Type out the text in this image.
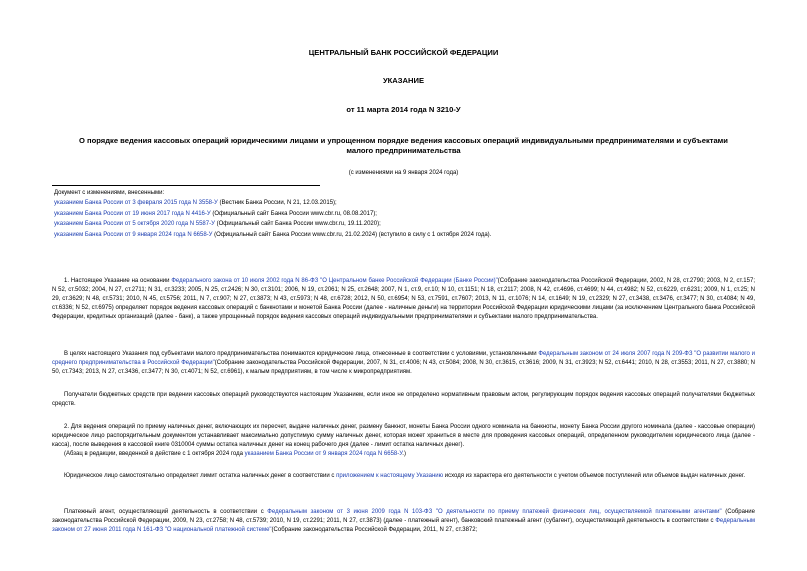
ЦЕНТРАЛЬНЫЙ БАНК РОССИЙСКОЙ ФЕДЕРАЦИИ
УКАЗАНИЕ
от 11 марта 2014 года N 3210-У
О порядке ведения кассовых операций юридическими лицами и упрощенном порядке ведения кассовых операций индивидуальными предпринимателями и субъектами малого предпринимательства
(с изменениями на 9 января 2024 года)
Документ с изменениями, внесенными:
указанием Банка России от 3 февраля 2015 года N 3558-У (Вестник Банка России, N 21, 12.03.2015);
указанием Банка России от 19 июня 2017 года N 4416-У (Официальный сайт Банка России www.cbr.ru, 08.08.2017);
указанием Банка России от 5 октября 2020 года N 5587-У (Официальный сайт Банка России www.cbr.ru, 19.11.2020);
указанием Банка России от 9 января 2024 года N 6658-У (Официальный сайт Банка России www.cbr.ru, 21.02.2024) (вступило в силу с 1 октября 2024 года).

1. Настоящее Указание на основании Федерального закона от 10 июля 2002 года N 86-ФЗ "О Центральном банке Российской Федерации (Банке России)"(Собрание законодательства Российской Федерации, 2002, N 28, ст.2790; 2003, N 2, ст.157; N 52, ст.5032; 2004, N 27, ст.2711; N 31, ст.3233; 2005, N 25, ст.2426; N 30, ст.3101; 2006, N 19, ст.2061; N 25, ст.2648; 2007, N 1, ст.9, ст.10; N 10, ст.1151; N 18, ст.2117; 2008, N 42, ст.4696, ст.4699; N 44, ст.4982; N 52, ст.6229, ст.6231; 2009, N 1, ст.25; N 29, ст.3629; N 48, ст.5731; 2010, N 45, ст.5756; 2011, N 7, ст.907; N 27, ст.3873; N 43, ст.5973; N 48, ст.6728; 2012, N 50, ст.6954; N 53, ст.7591, ст.7607; 2013, N 11, ст.1076; N 14, ст.1649; N 19, ст.2329; N 27, ст.3438, ст.3476, ст.3477; N 30, ст.4084; N 49, ст.6336; N 52, ст.6975) определяет порядок ведения кассовых операций с банкнотами и монетой Банка России (далее - наличные деньги) на территории Российской Федерации юридическими лицами (за исключением Центрального банка Российской Федерации, кредитных организаций (далее - банк), а также упрощенный порядок ведения кассовых операций индивидуальными предпринимателями и субъектами малого предпринимательства.

В целях настоящего Указания под субъектами малого предпринимательства понимаются юридические лица, отнесенные в соответствии с условиями, установленными Федеральным законом от 24 июля 2007 года N 209-ФЗ "О развитии малого и среднего предпринимательства в Российской Федерации"(Собрание законодательства Российской Федерации, 2007, N 31, ст.4006; N 43, ст.5084; 2008, N 30, ст.3615, ст.3616; 2009, N 31, ст.3923; N 52, ст.6441; 2010, N 28, ст.3553; 2011, N 27, ст.3880; N 50, ст.7343; 2013, N 27, ст.3436, ст.3477; N 30, ст.4071; N 52, ст.6961), к малым предприятиям, в том числе к микропредприятиям.

Получатели бюджетных средств при ведении кассовых операций руководствуются настоящим Указанием, если иное не определено нормативным правовым актом, регулирующим порядок ведения кассовых операций получателями бюджетных средств.

2. Для ведения операций по приему наличных денег, включающих их пересчет, выдаче наличных денег, размену банкнот, монеты Банка России одного номинала на банкноты, монету Банка России другого номинала (далее - кассовые операции) юридическое лицо распорядительным документом устанавливает максимально допустимую сумму наличных денег, которая может храниться в месте для проведения кассовых операций, определенном руководителем юридического лица (далее - касса), после выведения в кассовой книге 0310004 суммы остатка наличных денег на конец рабочего дня (далее - лимит остатка наличных денег).

(Абзац в редакции, введенной в действие с 1 октября 2024 года указанием Банка России от 9 января 2024 года N 6658-У.)

Юридическое лицо самостоятельно определяет лимит остатка наличных денег в соответствии с приложением к настоящему Указанию исходя из характера его деятельности с учетом объемов поступлений или объемов выдач наличных денег.

Платежный агент, осуществляющий деятельность в соответствии с Федеральным законом от 3 июня 2009 года N 103-ФЗ "О деятельности по приему платежей физических лиц, осуществляемой платежными агентами" (Собрание законодательства Российской Федерации, 2009, N 23, ст.2758; N 48, ст.5739; 2010, N 19, ст.2291; 2011, N 27, ст.3873) (далее - платежный агент), банковский платежный агент (субагент), осуществляющий деятельность в соответствии с Федеральным законом от 27 июня 2011 года N 161-ФЗ "О национальной платежной системе"(Собрание законодательства Российской Федерации, 2011, N 27, ст.3872;
